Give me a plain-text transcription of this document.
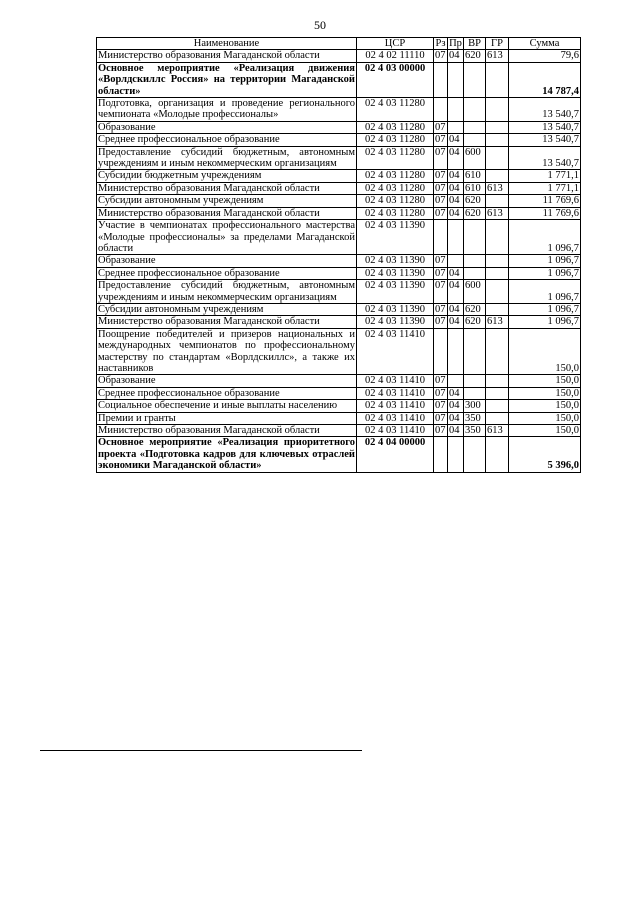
50
Наименование	ЦСР	Рз	Пр	ВР	ГР	Сумма
Министерство образования Магаданской области	02 4 02 11110	07	04	620	613	79,6
Основное мероприятие «Реализация движения «Ворлдскиллс Россия» на территории Магаданской области»	02 4 03 00000					14 787,4
Подготовка, организация и проведение регионального чемпионата «Молодые профессионалы»	02 4 03 11280					13 540,7
Образование	02 4 03 11280	07				13 540,7
Среднее профессиональное образование	02 4 03 11280	07	04			13 540,7
Предоставление субсидий бюджетным, автономным учреждениям и иным некоммерческим организациям	02 4 03 11280	07	04	600		13 540,7
Субсидии бюджетным учреждениям	02 4 03 11280	07	04	610		1 771,1
Министерство образования Магаданской области	02 4 03 11280	07	04	610	613	1 771,1
Субсидии автономным учреждениям	02 4 03 11280	07	04	620		11 769,6
Министерство образования Магаданской области	02 4 03 11280	07	04	620	613	11 769,6
Участие в чемпионатах профессионального мастерства «Молодые профессионалы» за пределами Магаданской области	02 4 03 11390					1 096,7
Образование	02 4 03 11390	07				1 096,7
Среднее профессиональное образование	02 4 03 11390	07	04			1 096,7
Предоставление субсидий бюджетным, автономным учреждениям и иным некоммерческим организациям	02 4 03 11390	07	04	600		1 096,7
Субсидии автономным учреждениям	02 4 03 11390	07	04	620		1 096,7
Министерство образования Магаданской области	02 4 03 11390	07	04	620	613	1 096,7
Поощрение победителей и призеров национальных и международных чемпионатов по профессиональному мастерству по стандартам «Ворлдскиллс», а также их наставников	02 4 03 11410					150,0
Образование	02 4 03 11410	07				150,0
Среднее профессиональное образование	02 4 03 11410	07	04			150,0
Социальное обеспечение и иные выплаты населению	02 4 03 11410	07	04	300		150,0
Премии и гранты	02 4 03 11410	07	04	350		150,0
Министерство образования Магаданской области	02 4 03 11410	07	04	350	613	150,0
Основное мероприятие «Реализация приоритетного проекта «Подготовка кадров для ключевых отраслей экономики Магаданской области»	02 4 04 00000					5 396,0
